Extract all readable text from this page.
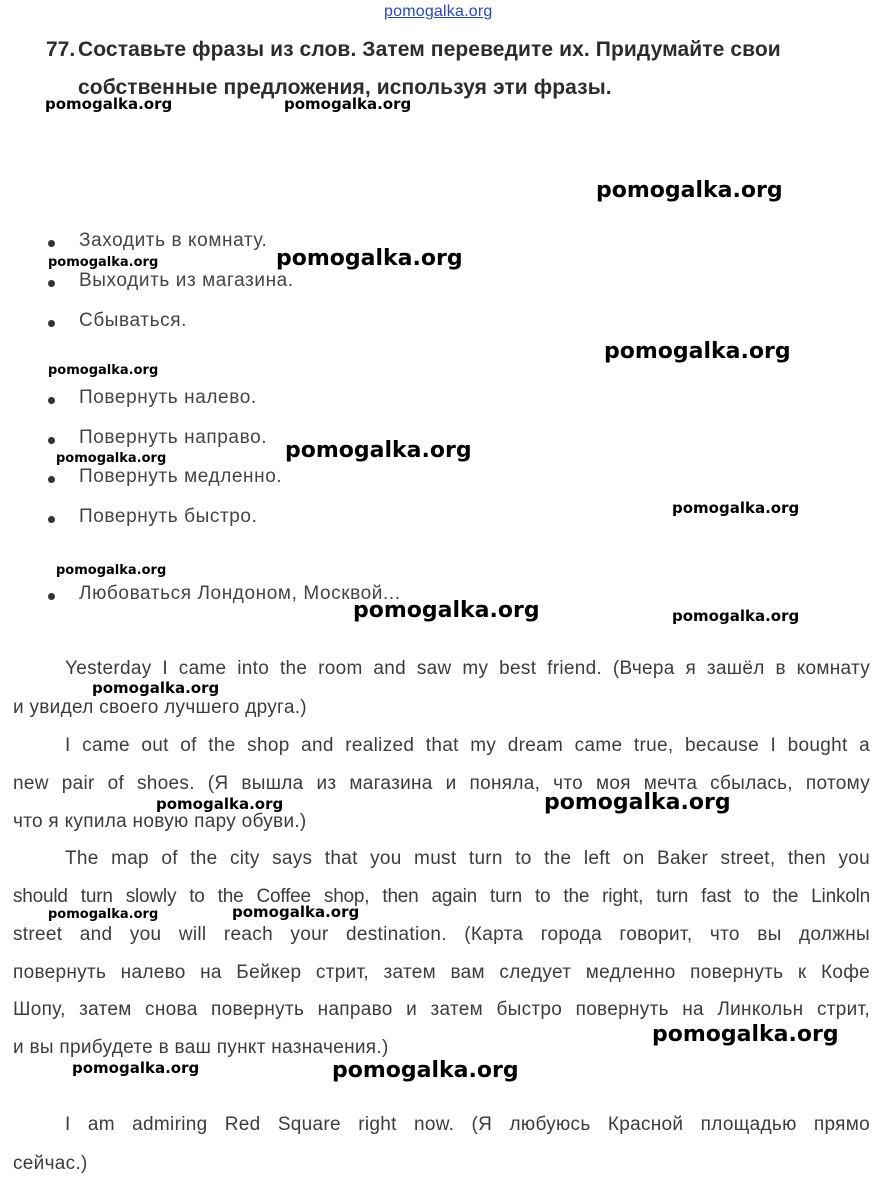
pomogalka.org
77. Составьте фразы из слов. Затем переведите их. Придумайте свои
собственные предложения, используя эти фразы.
Заходить в комнату.
Выходить из магазина.
Сбываться.
Повернуть налево.
Повернуть направо.
Повернуть медленно.
Повернуть быстро.
Любоваться Лондоном, Москвой...
Yesterday I came into the room and saw my best friend. (Вчера я зашёл в комнату
и увидел своего лучшего друга.)
I came out of the shop and realized that my dream came true, because I bought a
new pair of shoes. (Я вышла из магазина и поняла, что моя мечта сбылась, потому
что я купила новую пару обуви.)
The map of the city says that you must turn to the left on Baker street, then you
should turn slowly to the Coffee shop, then again turn to the right, turn fast to the Linkoln
street and you will reach your destination. (Карта города говорит, что вы должны
повернуть налево на Бейкер стрит, затем вам следует медленно повернуть к Кофе
Шопу, затем снова повернуть направо и затем быстро повернуть на Линкольн стрит,
и вы прибудете в ваш пункт назначения.)
I am admiring Red Square right now. (Я любуюсь Красной площадью прямо
сейчас.)
pomogalka.org	pomogalka.org
pomogalka.org
pomogalka.org	pomogalka.org
pomogalka.org
pomogalka.org
pomogalka.org	pomogalka.org
pomogalka.org
pomogalka.org
pomogalka.org	pomogalka.org
pomogalka.org
pomogalka.org	pomogalka.org
pomogalka.org	pomogalka.org
pomogalka.org
pomogalka.org	pomogalka.org
